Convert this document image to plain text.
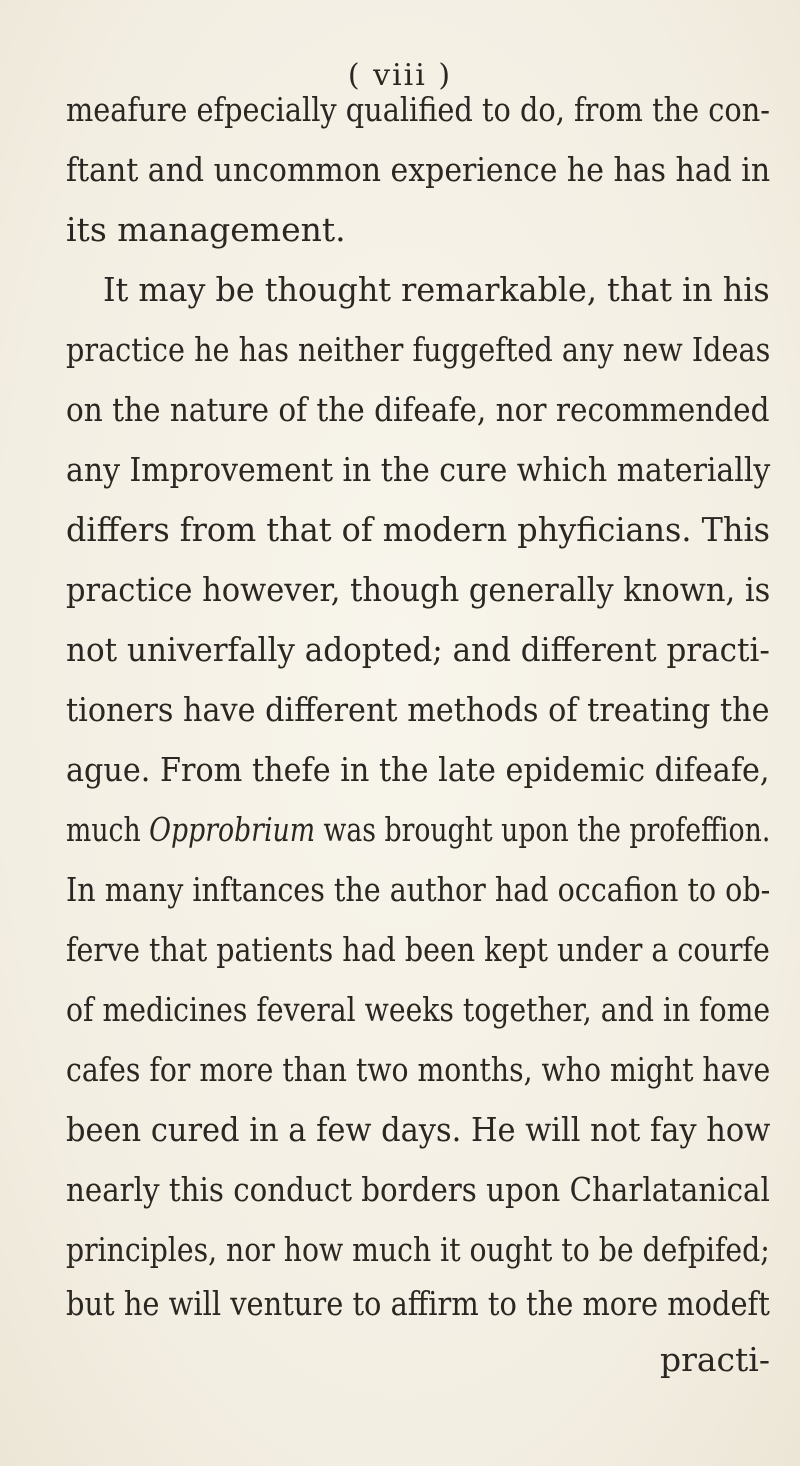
( viii )
meafure efpecially qualified to do, from the con-
ftant and uncommon experience he has had in
its management.
It may be thought remarkable, that in his
practice he has neither fuggefted any new Ideas
on the nature of the difeafe, nor recommended
any Improvement in the cure which materially
differs from that of modern phyficians. This
practice however, though generally known, is
not univerfally adopted; and different practi-
tioners have different methods of treating the
ague. From thefe in the late epidemic difeafe,
much Opprobrium was brought upon the profeffion.
In many inftances the author had occafion to ob-
ferve that patients had been kept under a courfe
of medicines feveral weeks together, and in fome
cafes for more than two months, who might have
been cured in a few days. He will not fay how
nearly this conduct borders upon Charlatanical
principles, nor how much it ought to be defpifed;
but he will venture to affirm to the more modeft
practi-
